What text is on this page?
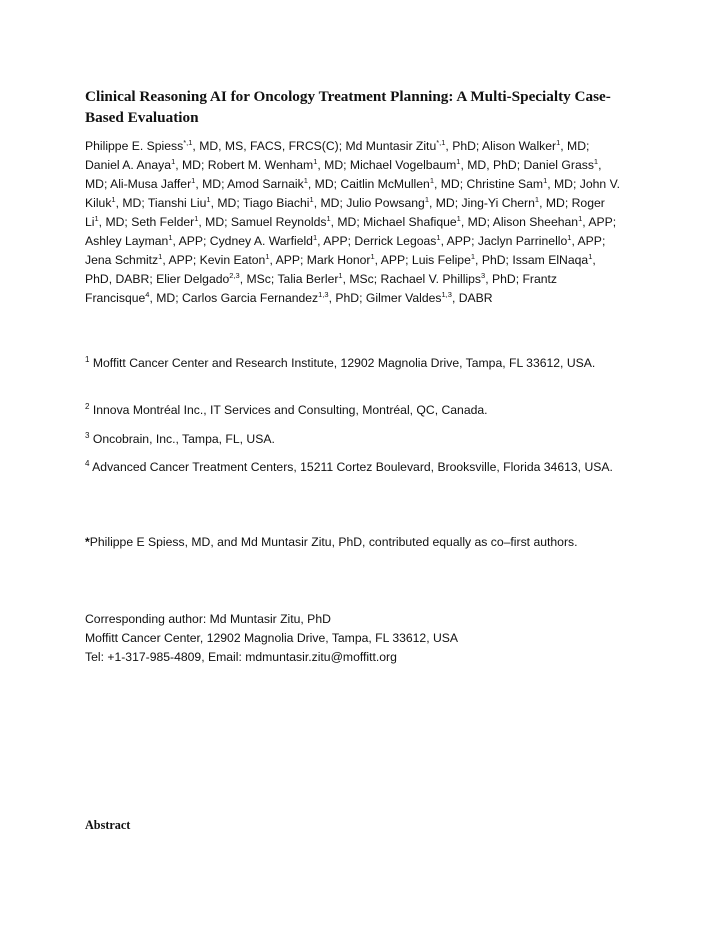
Clinical Reasoning AI for Oncology Treatment Planning: A Multi-Specialty Case-Based Evaluation

Philippe E. Spiess$^{*,1}$, MD, MS, FACS, FRCS(C); Md Muntasir Zitu$^{*,1}$, PhD; Alison Walker$^1$, MD; Daniel A. Anaya$^1$, MD; Robert M. Wenham$^1$, MD; Michael Vogelbaum$^1$, MD, PhD; Daniel Grass$^1$, MD; Ali-Musa Jaffer$^1$, MD; Amod Sarnaik$^1$, MD; Caitlin McMullen$^1$, MD; Christine Sam$^1$, MD; John V. Kiluk$^1$, MD; Tianshi Liu$^1$, MD; Tiago Biachi$^1$, MD; Julio Powsang$^1$, MD; Jing-Yi Chern$^1$, MD; Roger Li$^1$, MD; Seth Felder$^1$, MD; Samuel Reynolds$^1$, MD; Michael Shafique$^1$, MD; Alison Sheehan$^1$, APP; Ashley Layman$^1$, APP; Cydney A. Warfield$^1$, APP; Derrick Legoas$^1$, APP; Jaclyn Parrinello$^1$, APP; Jena Schmitz$^1$, APP; Kevin Eaton$^1$, APP; Mark Honor$^1$, APP; Luis Felipe$^1$, PhD; Issam ElNaqa$^1$, PhD, DABR; Elier Delgado$^{2,3}$, MSc; Talia Berler$^1$, MSc; Rachael V. Phillips$^3$, PhD; Frantz Francisque$^4$, MD; Carlos Garcia Fernandez$^{1,3}$, PhD; Gilmer Valdes$^{1,3}$, DABR

$^1$ Moffitt Cancer Center and Research Institute, 12902 Magnolia Drive, Tampa, FL 33612, USA.

$^2$ Innova Montréal Inc., IT Services and Consulting, Montréal, QC, Canada.

$^3$ Oncobrain, Inc., Tampa, FL, USA.

$^4$ Advanced Cancer Treatment Centers, 15211 Cortez Boulevard, Brooksville, Florida 34613, USA.

*Philippe E Spiess, MD, and Md Muntasir Zitu, PhD, contributed equally as co–first authors.

Corresponding author: Md Muntasir Zitu, PhD
Moffitt Cancer Center, 12902 Magnolia Drive, Tampa, FL 33612, USA
Tel: +1-317-985-4809, Email: mdmuntasir.zitu@moffitt.org

Abstract
